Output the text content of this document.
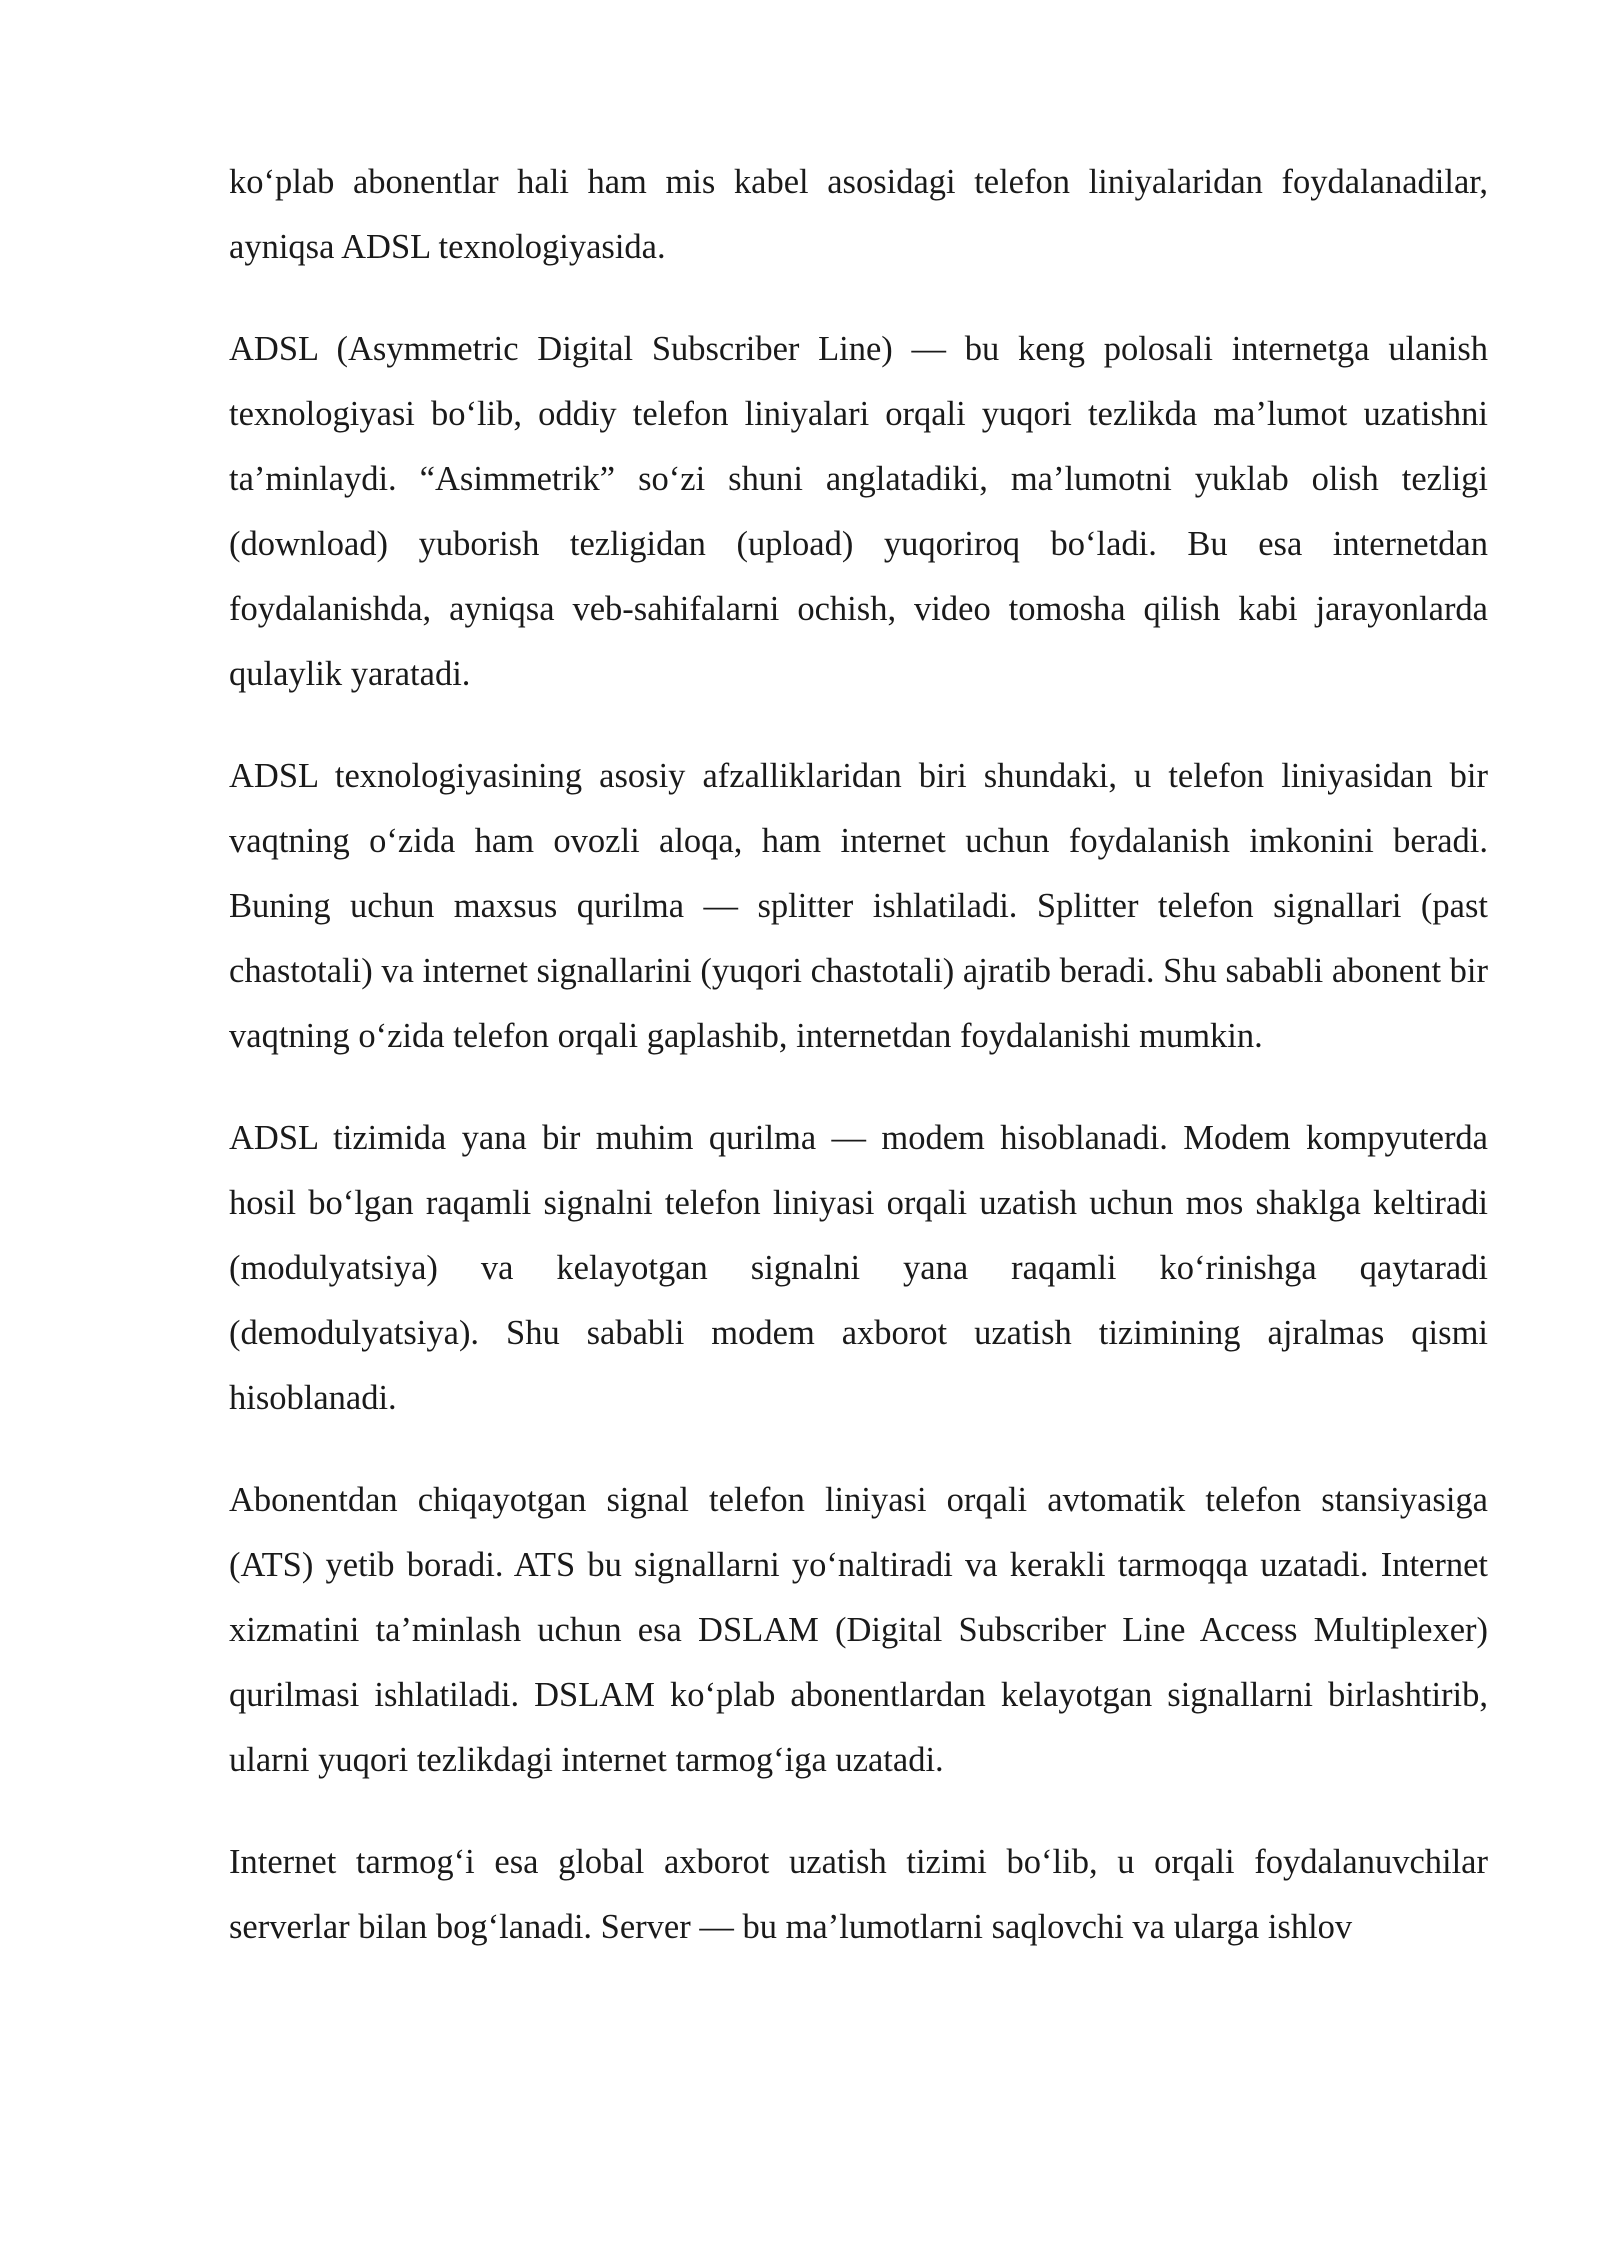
ko‘plab abonentlar hali ham mis kabel asosidagi telefon liniyalaridan foydalanadilar, ayniqsa ADSL texnologiyasida.

ADSL (Asymmetric Digital Subscriber Line) — bu keng polosali internetga ulanish texnologiyasi bo‘lib, oddiy telefon liniyalari orqali yuqori tezlikda ma’lumot uzatishni ta’minlaydi. “Asimmetrik” so‘zi shuni anglatadiki, ma’lumotni yuklab olish tezligi (download) yuborish tezligidan (upload) yuqoriroq bo‘ladi. Bu esa internetdan foydalanishda, ayniqsa veb-sahifalarni ochish, video tomosha qilish kabi jarayonlarda qulaylik yaratadi.

ADSL texnologiyasining asosiy afzalliklaridan biri shundaki, u telefon liniyasidan bir vaqtning o‘zida ham ovozli aloqa, ham internet uchun foydalanish imkonini beradi. Buning uchun maxsus qurilma — splitter ishlatiladi. Splitter telefon signallari (past chastotali) va internet signallarini (yuqori chastotali) ajratib beradi. Shu sababli abonent bir vaqtning o‘zida telefon orqali gaplashib, internetdan foydalanishi mumkin.

ADSL tizimida yana bir muhim qurilma — modem hisoblanadi. Modem kompyuterda hosil bo‘lgan raqamli signalni telefon liniyasi orqali uzatish uchun mos shaklga keltiradi (modulyatsiya) va kelayotgan signalni yana raqamli ko‘rinishga qaytaradi (demodulyatsiya). Shu sababli modem axborot uzatish tizimining ajralmas qismi hisoblanadi.

Abonentdan chiqayotgan signal telefon liniyasi orqali avtomatik telefon stansiyasiga (ATS) yetib boradi. ATS bu signallarni yo‘naltiradi va kerakli tarmoqqa uzatadi. Internet xizmatini ta’minlash uchun esa DSLAM (Digital Subscriber Line Access Multiplexer) qurilmasi ishlatiladi. DSLAM ko‘plab abonentlardan kelayotgan signallarni birlashtirib, ularni yuqori tezlikdagi internet tarmog‘iga uzatadi.

Internet tarmog‘i esa global axborot uzatish tizimi bo‘lib, u orqali foydalanuvchilar serverlar bilan bog‘lanadi. Server — bu ma’lumotlarni saqlovchi va ularga ishlov
